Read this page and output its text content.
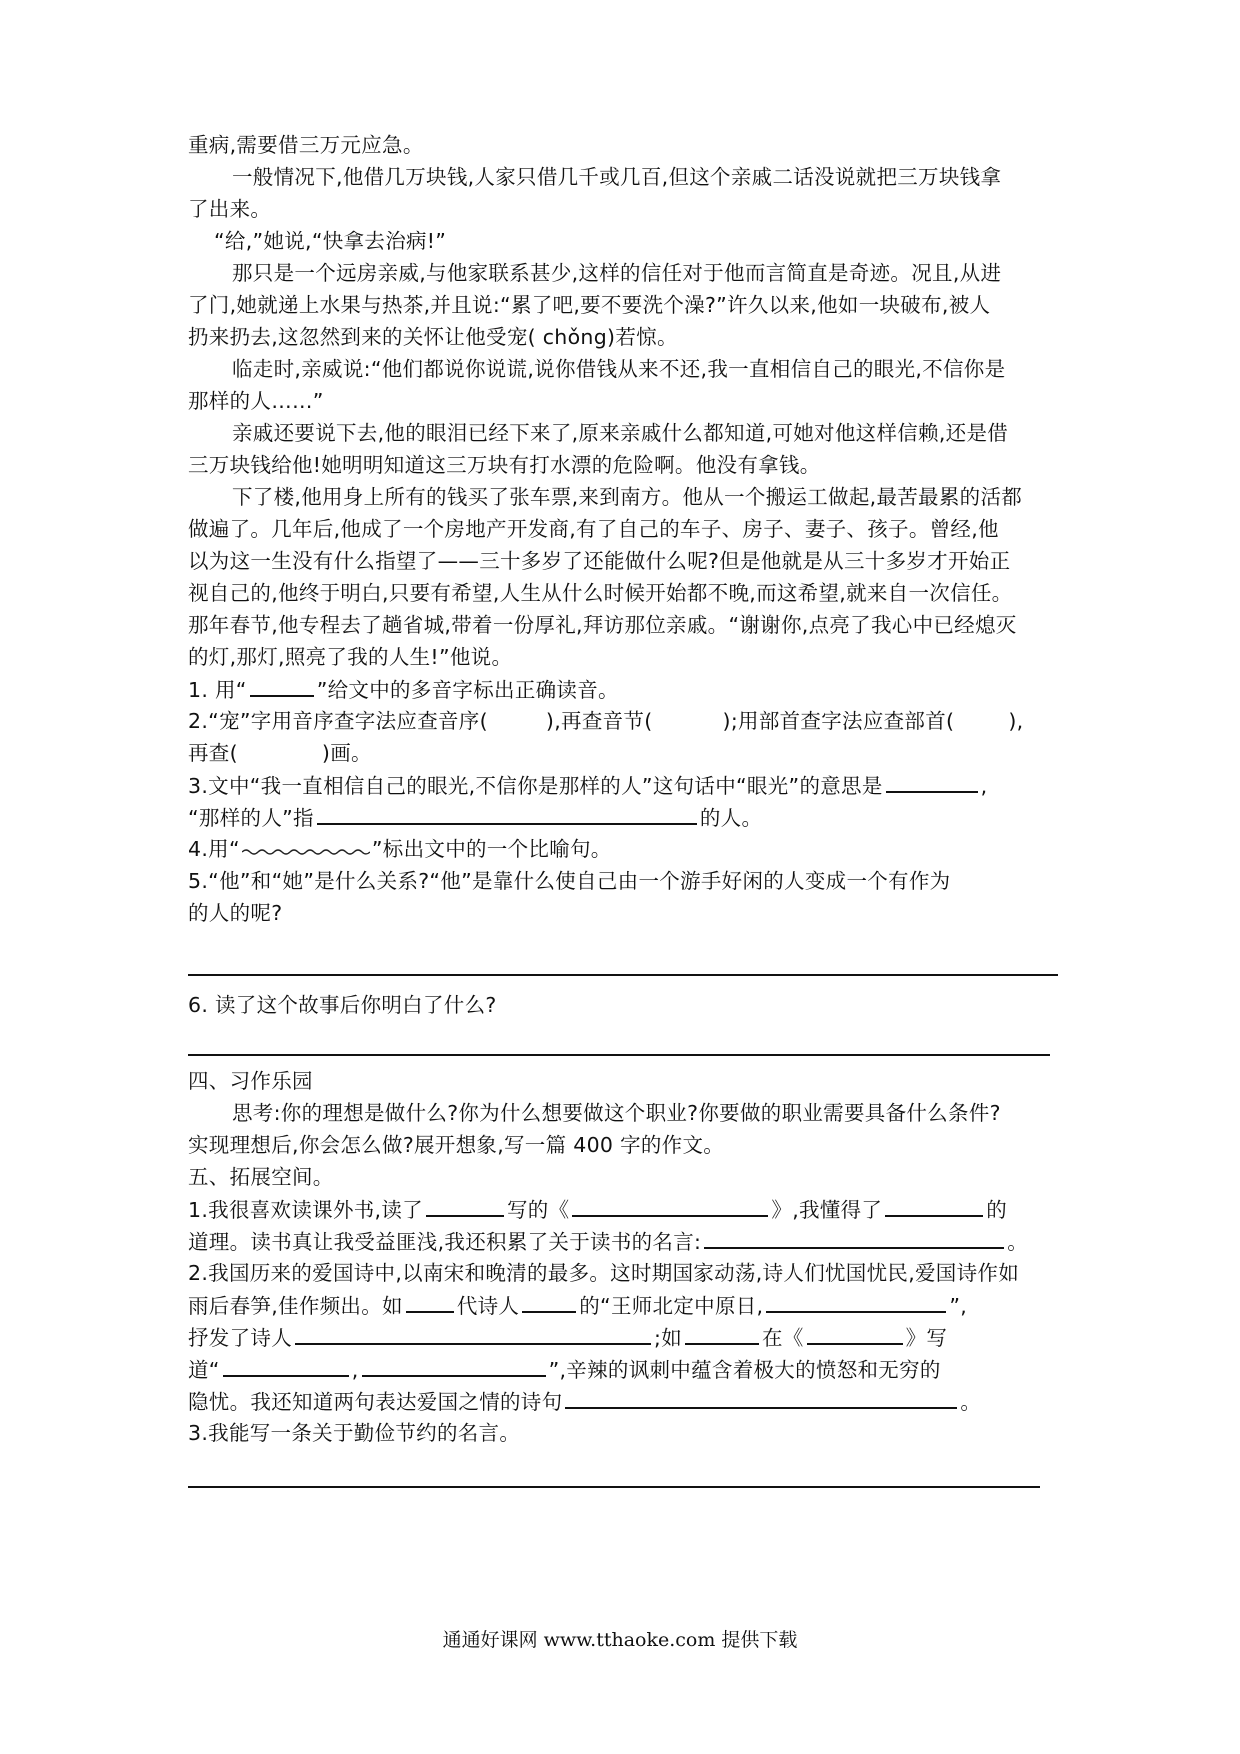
重病,需要借三万元应急。
一般情况下,他借几万块钱,人家只借几千或几百,但这个亲戚二话没说就把三万块钱拿
了出来。
“给,”她说,“快拿去治病!”
那只是一个远房亲威,与他家联系甚少,这样的信任对于他而言简直是奇迹。况且,从进
了门,她就递上水果与热茶,并且说:“累了吧,要不要洗个澡?”许久以来,他如一块破布,被人
扔来扔去,这忽然到来的关怀让他受宠( chǒng)若惊。
临走时,亲威说:“他们都说你说谎,说你借钱从来不还,我一直相信自己的眼光,不信你是
那样的人……”
亲戚还要说下去,他的眼泪已经下来了,原来亲戚什么都知道,可她对他这样信赖,还是借
三万块钱给他!她明明知道这三万块有打水漂的危险啊。他没有拿钱。
下了楼,他用身上所有的钱买了张车票,来到南方。他从一个搬运工做起,最苦最累的活都
做遍了。几年后,他成了一个房地产开发商,有了自己的车子、房子、妻子、孩子。曾经,他
以为这一生没有什么指望了——三十多岁了还能做什么呢?但是他就是从三十多岁才开始正
视自己的,他终于明白,只要有希望,人生从什么时候开始都不晚,而这希望,就来自一次信任。
那年春节,他专程去了趟省城,带着一份厚礼,拜访那位亲戚。“谢谢你,点亮了我心中已经熄灭
的灯,那灯,照亮了我的人生!”他说。
1. 用“	”给文中的多音字标出正确读音。
2.“宠”字用音序查字法应查音序(	),再查音节(	);用部首查字法应查部首(	),
再查(	)画。
3.文中“我一直相信自己的眼光,不信你是那样的人”这句话中“眼光”的意思是	,
“那样的人”指	的人。
4.用“	”标出文中的一个比喻句。
5.“他”和“她”是什么关系?“他”是靠什么使自己由一个游手好闲的人变成一个有作为
的人的呢?
6. 读了这个故事后你明白了什么?
四、习作乐园
思考:你的理想是做什么?你为什么想要做这个职业?你要做的职业需要具备什么条件?
实现理想后,你会怎么做?展开想象,写一篇 400 字的作文。
五、拓展空间。
1.我很喜欢读课外书,读了	写的《	》,我懂得了	的
道理。读书真让我受益匪浅,我还积累了关于读书的名言:	。
2.我国历来的爱国诗中,以南宋和晚清的最多。这时期国家动荡,诗人们忧国忧民,爱国诗作如
雨后春笋,佳作频出。如	代诗人	的“王师北定中原日,	”,
抒发了诗人	;如	在《	》写
道“	,	”,辛辣的讽刺中蕴含着极大的愤怒和无穷的
隐忧。我还知道两句表达爱国之情的诗句	。
3.我能写一条关于勤俭节约的名言。
通通好课网 www.tthaoke.com 提供下载
